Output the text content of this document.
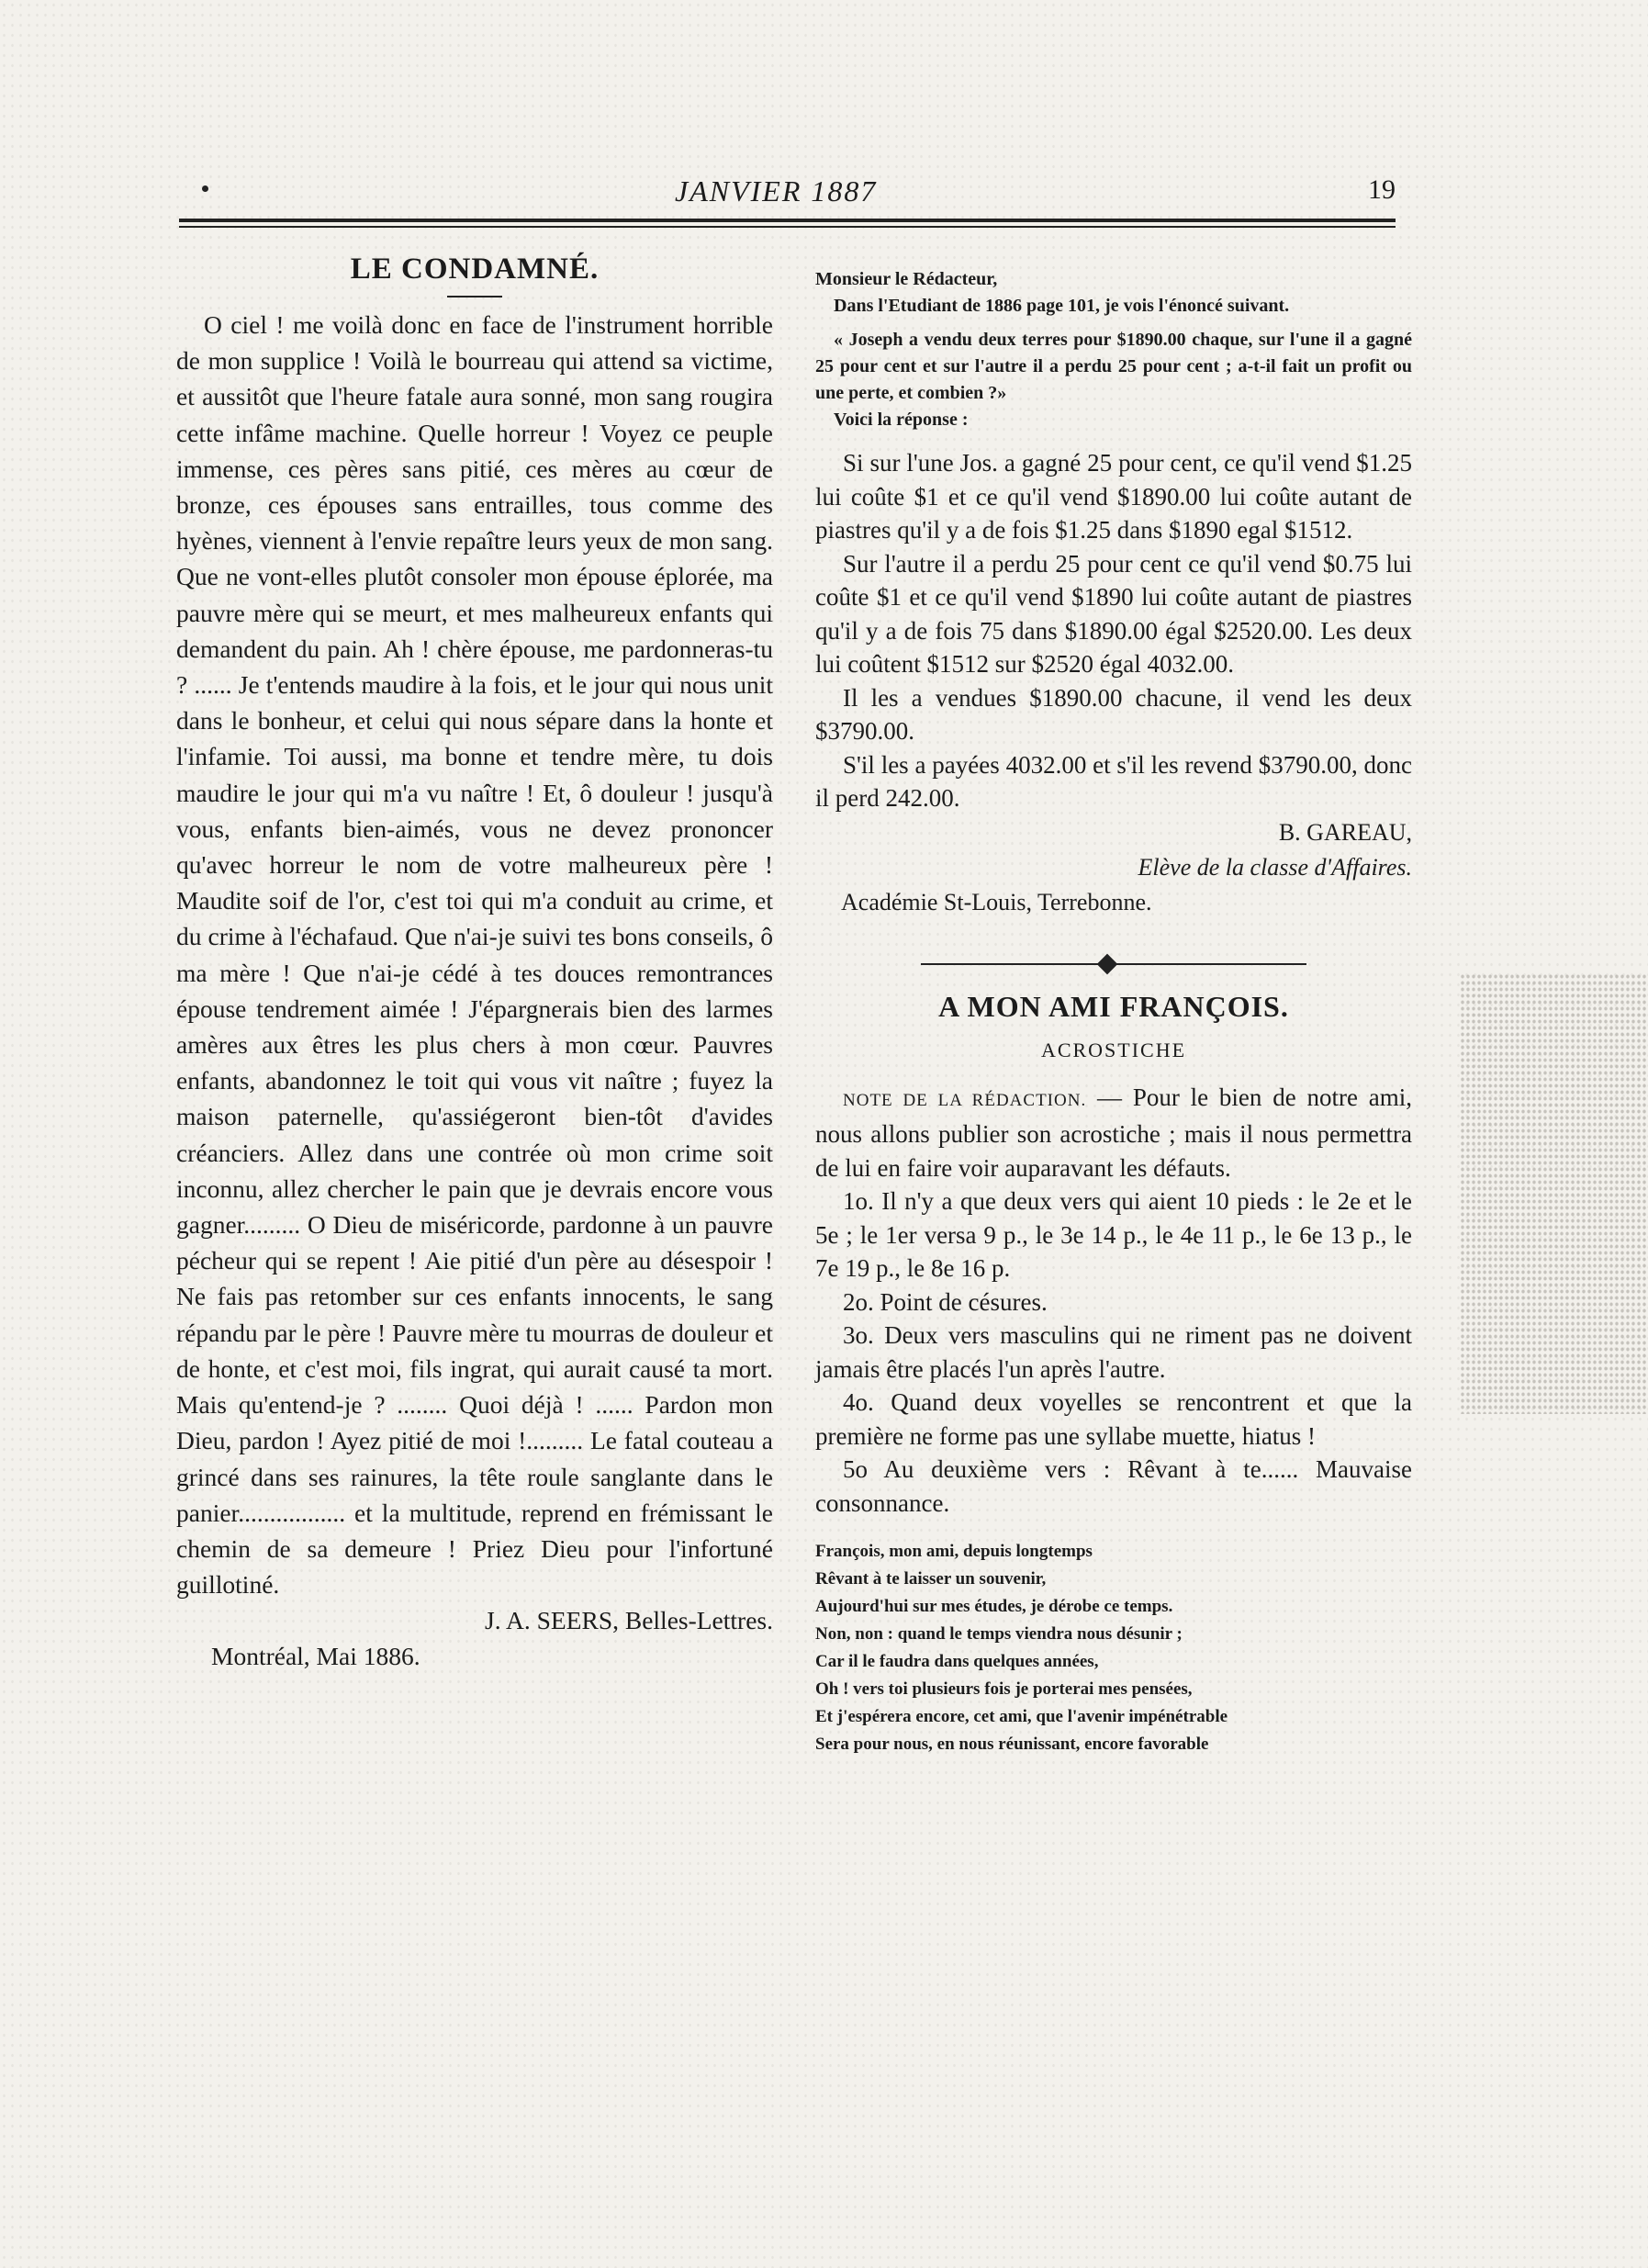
JANVIER 1887	19
LE CONDAMNÉ.

O ciel ! me voilà donc en face de l'instrument horrible de mon supplice ! Voilà le bourreau qui attend sa victime, et aussitôt que l'heure fatale aura sonné, mon sang rougira cette infâme machine. Quelle horreur ! Voyez ce peuple immense, ces pères sans pitié, ces mères au cœur de bronze, ces épouses sans entrailles, tous comme des hyènes, viennent à l'envie repaître leurs yeux de mon sang. Que ne vont-elles plutôt consoler mon épouse éplorée, ma pauvre mère qui se meurt, et mes malheureux enfants qui demandent du pain. Ah ! chère épouse, me pardonneras-tu ? ...... Je t'entends maudire à la fois, et le jour qui nous unit dans le bonheur, et celui qui nous sépare dans la honte et l'infamie. Toi aussi, ma bonne et tendre mère, tu dois maudire le jour qui m'a vu naître ! Et, ô douleur ! jusqu'à vous, enfants bien-aimés, vous ne devez prononcer qu'avec horreur le nom de votre malheureux père ! Maudite soif de l'or, c'est toi qui m'a conduit au crime, et du crime à l'échafaud. Que n'ai-je suivi tes bons conseils, ô ma mère ! Que n'ai-je cédé à tes douces remontrances épouse tendrement aimée ! J'épargnerais bien des larmes amères aux êtres les plus chers à mon cœur. Pauvres enfants, abandonnez le toit qui vous vit naître ; fuyez la maison paternelle, qu'assiégeront bien-tôt d'avides créanciers. Allez dans une contrée où mon crime soit inconnu, allez chercher le pain que je devrais encore vous gagner......... O Dieu de miséricorde, pardonne à un pauvre pécheur qui se repent ! Aie pitié d'un père au désespoir ! Ne fais pas retomber sur ces enfants innocents, le sang répandu par le père ! Pauvre mère tu mourras de douleur et de honte, et c'est moi, fils ingrat, qui aurait causé ta mort. Mais qu'entend-je ? ........ Quoi déjà ! ...... Pardon mon Dieu, pardon ! Ayez pitié de moi !......... Le fatal couteau a grincé dans ses rainures, la tête roule sanglante dans le panier................. et la multitude, reprend en frémissant le chemin de sa demeure ! Priez Dieu pour l'infortuné guillotiné.

J. A. SEERS, Belles-Lettres.

Montréal, Mai 1886.

Monsieur le Rédacteur,

Dans l'Etudiant de 1886 page 101, je vois l'énoncé suivant.

« Joseph a vendu deux terres pour $1890.00 chaque, sur l'une il a gagné 25 pour cent et sur l'autre il a perdu 25 pour cent ; a-t-il fait un profit ou une perte, et combien ?»

Voici la réponse :

Si sur l'une Jos. a gagné 25 pour cent, ce qu'il vend $1.25 lui coûte $1 et ce qu'il vend $1890.00 lui coûte autant de piastres qu'il y a de fois $1.25 dans $1890 egal $1512.

Sur l'autre il a perdu 25 pour cent ce qu'il vend $0.75 lui coûte $1 et ce qu'il vend $1890 lui coûte autant de piastres qu'il y a de fois 75 dans $1890.00 égal $2520.00. Les deux lui coûtent $1512 sur $2520 égal 4032.00.

Il les a vendues $1890.00 chacune, il vend les deux $3790.00.

S'il les a payées 4032.00 et s'il les revend $3790.00, donc il perd 242.00.

B. GAREAU,

Elève de la classe d'Affaires.

Académie St-Louis, Terrebonne.

A MON AMI FRANÇOIS.

ACROSTICHE

NOTE DE LA RÉDACTION. — Pour le bien de notre ami, nous allons publier son acrostiche ; mais il nous permettra de lui en faire voir auparavant les défauts.

1o. Il n'y a que deux vers qui aient 10 pieds : le 2e et le 5e ; le 1er versa 9 p., le 3e 14 p., le 4e 11 p., le 6e 13 p., le 7e 19 p., le 8e 16 p.

2o. Point de césures.

3o. Deux vers masculins qui ne riment pas ne doivent jamais être placés l'un après l'autre.

4o. Quand deux voyelles se rencontrent et que la première ne forme pas une syllabe muette, hiatus !

5o Au deuxième vers : Rêvant à te...... Mauvaise consonnance.

François, mon ami, depuis longtemps

Rêvant à te laisser un souvenir,

Aujourd'hui sur mes études, je dérobe ce temps.

Non, non : quand le temps viendra nous désunir ;

Car il le faudra dans quelques années,

Oh ! vers toi plusieurs fois je porterai mes pensées,

Et j'espérera encore, cet ami, que l'avenir impénétrable

Sera pour nous, en nous réunissant, encore favorable
